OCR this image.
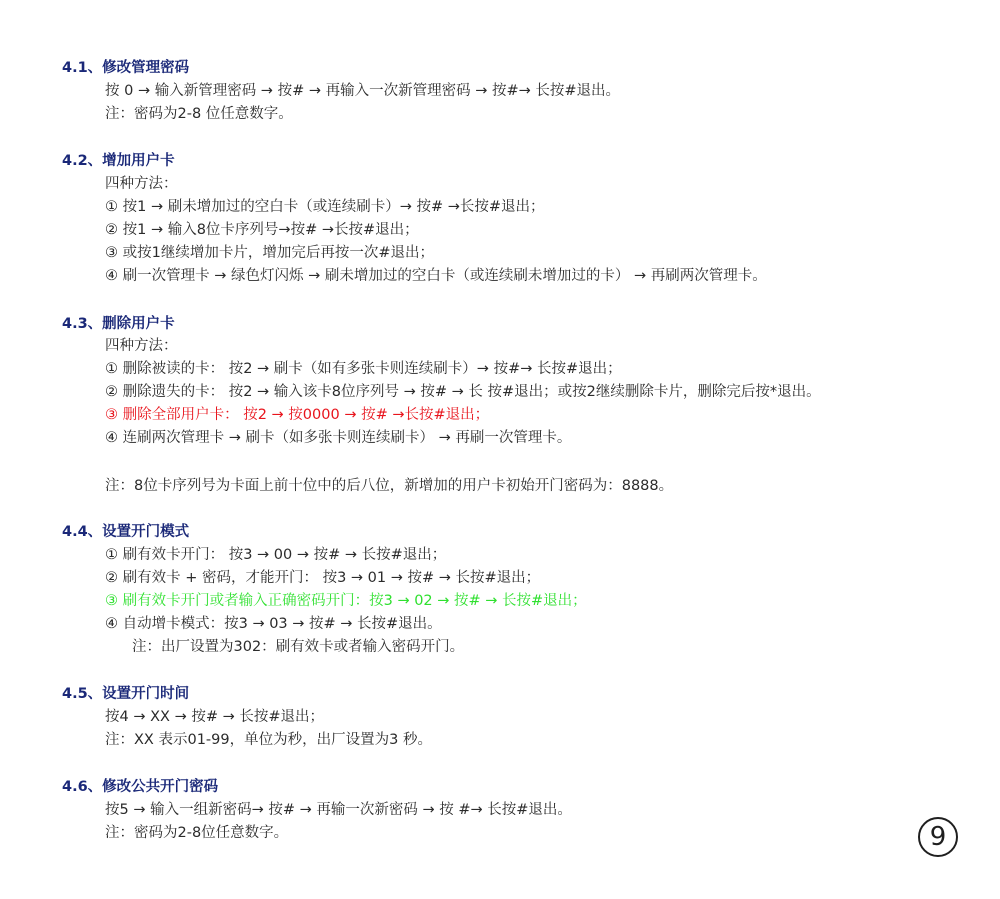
4.1、修改管理密码
按 0 → 输入新管理密码 → 按# → 再输入一次新管理密码 → 按#→ 长按#退出。
注：密码为2-8 位任意数字。
4.2、增加用户卡
四种方法：
① 按1 → 刷未增加过的空白卡（或连续刷卡）→ 按# →长按#退出；
② 按1 → 输入8位卡序列号→按# →长按#退出；
③ 或按1继续增加卡片，增加完后再按一次#退出；
④ 刷一次管理卡 → 绿色灯闪烁 → 刷未增加过的空白卡（或连续刷未增加过的卡） → 再刷两次管理卡。
4.3、删除用户卡
四种方法：
① 删除被读的卡： 按2 → 刷卡（如有多张卡则连续刷卡）→ 按#→ 长按#退出；
② 删除遗失的卡： 按2 → 输入该卡8位序列号 → 按# → 长 按#退出；或按2继续删除卡片，删除完后按*退出。
③ 删除全部用户卡： 按2 → 按0000 → 按# →长按#退出；
④ 连刷两次管理卡 → 刷卡（如多张卡则连续刷卡） → 再刷一次管理卡。
注：8位卡序列号为卡面上前十位中的后八位，新增加的用户卡初始开门密码为：8888。
4.4、设置开门模式
① 刷有效卡开门： 按3 → 00 → 按# → 长按#退出；
② 刷有效卡 + 密码，才能开门： 按3 → 01 → 按# → 长按#退出；
③ 刷有效卡开门或者输入正确密码开门：按3 → 02 → 按# → 长按#退出；
④ 自动增卡模式：按3 → 03 → 按# → 长按#退出。
注：出厂设置为302：刷有效卡或者输入密码开门。
4.5、设置开门时间
按4 → XX → 按# → 长按#退出；
注：XX 表示01-99，单位为秒，出厂设置为3 秒。
4.6、修改公共开门密码
按5 → 输入一组新密码→ 按# → 再输一次新密码 → 按 #→ 长按#退出。
注：密码为2-8位任意数字。	9
